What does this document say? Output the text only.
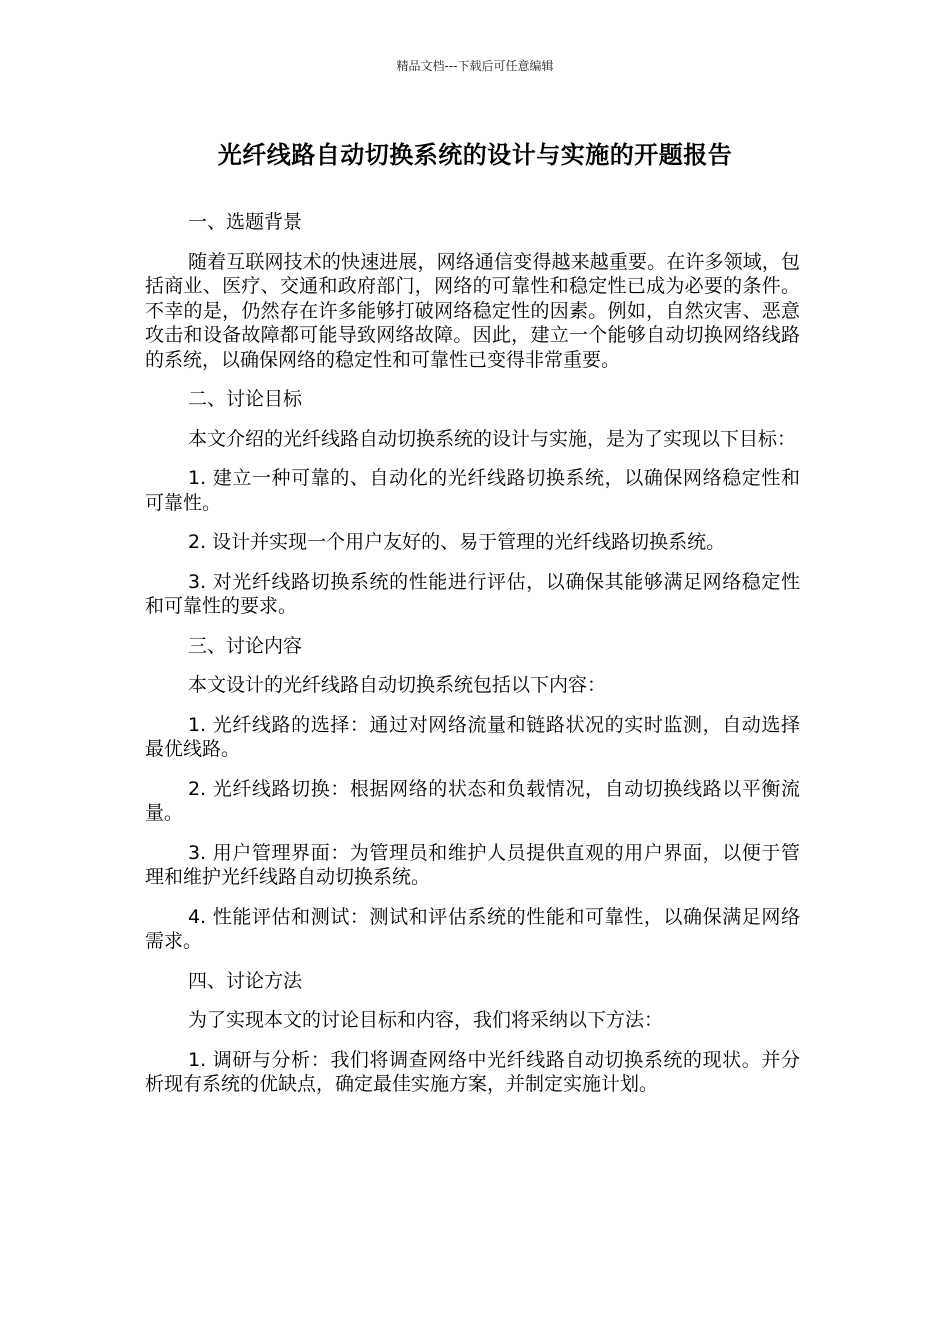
精品文档---下载后可任意编辑
光纤线路自动切换系统的设计与实施的开题报告
一、选题背景

随着互联网技术的快速进展，网络通信变得越来越重要。在许多领域，包括商业、医疗、交通和政府部门，网络的可靠性和稳定性已成为必要的条件。不幸的是，仍然存在许多能够打破网络稳定性的因素。例如，自然灾害、恶意攻击和设备故障都可能导致网络故障。因此，建立一个能够自动切换网络线路的系统，以确保网络的稳定性和可靠性已变得非常重要。

二、讨论目标

本文介绍的光纤线路自动切换系统的设计与实施，是为了实现以下目标：

1. 建立一种可靠的、自动化的光纤线路切换系统，以确保网络稳定性和可靠性。

2. 设计并实现一个用户友好的、易于管理的光纤线路切换系统。

3. 对光纤线路切换系统的性能进行评估，以确保其能够满足网络稳定性和可靠性的要求。

三、讨论内容

本文设计的光纤线路自动切换系统包括以下内容：

1. 光纤线路的选择：通过对网络流量和链路状况的实时监测，自动选择最优线路。

2. 光纤线路切换：根据网络的状态和负载情况，自动切换线路以平衡流量。

3. 用户管理界面：为管理员和维护人员提供直观的用户界面，以便于管理和维护光纤线路自动切换系统。

4. 性能评估和测试：测试和评估系统的性能和可靠性，以确保满足网络需求。

四、讨论方法

为了实现本文的讨论目标和内容，我们将采纳以下方法：

1. 调研与分析：我们将调查网络中光纤线路自动切换系统的现状。并分析现有系统的优缺点，确定最佳实施方案，并制定实施计划。
